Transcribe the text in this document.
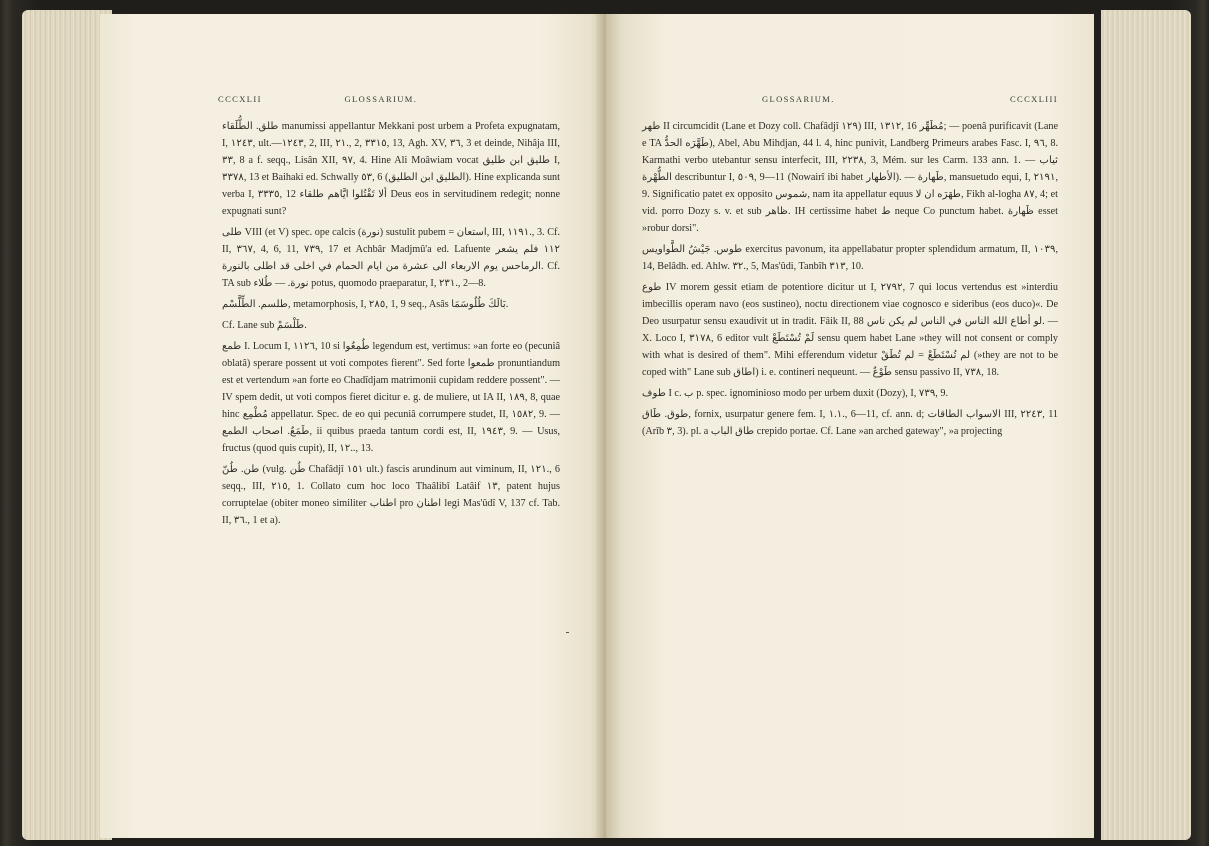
CCCXLII	GLOSSARIUM.

طلق. الطُّلَقاء manumissi appellantur Mekkani post urbem a Profeta expugnatam, I, ١٢٤٣, ult.—١٢٤٣, 2, III, ٢١., 2, ٣٣١٥, 13, Agh. XV, ٣٦, 3 et deinde, Nihâja III, ٣٣, 8 a f. seqq., Lisân XII, ٩٧, 4. Hine Ali Moâwiam vocat طليق ابن طليق I, ٣٣٧٨, 13 et Baihaki ed. Schwally ٥٣, 6 (الطليق ابن الطليق). Hine explicanda sunt verba I, ٣٣٣٥, 12 ألا تَقْتُلوا ايَّاهم طلقاء Deus eos in servitudinem redegit; nonne expugnati sunt?

طلى VIII (et V) spec. ope calcis (نورة) sustulit pubem = استعان, III, ١١٩١., 3. Cf. II, ٣٦٧, 4, 6, 11, ٧٣٩, 17 et Achbâr Madjmû'a ed. Lafuente ١١٢ فلم يشعر الرماحس يوم الاربعاء الى عشرة من ايام الحمام في اخلى قد اطلى بالنورة. Cf. TA sub نورة. — طُلاء potus, quomodo praeparatur, I, ٢٣١., 2—8.

طلسم. الطِّلَّسْم, metamorphosis, I, ٢٨٥, 1, 9 seq., Asâs بَالَكَ طُلُوسَمَا.

Cf. Lane sub طَلْسَمْ.

طمع I. Locum I, ١١٢٦, 10 si طُمِعُوا legendum est, vertimus: »an forte eo (pecuniâ oblatâ) sperare possent ut voti compotes fierent". Sed forte طمعوا pronuntiandum est et vertendum »an forte eo Chadîdjam matrimonii cupidam reddere possent". — IV spem dedit, ut voti compos fieret dicitur e. g. de muliere, ut IA II, ١٨٩, 8, quae hinc مُطْمِع appellatur. Spec. de eo qui pecuniâ corrumpere studet, II, ١٥٨٢, 9. — طَمَعٌ. اصحاب الطمع, ii quibus praeda tantum cordi est, II, ١٩٤٣, 9. — Usus, fructus (quod quis cupit), II, ١٢.., 13.

طن. طُنّ (vulg. طُن Chafâdjî ١٥١ ult.) fascis arundinum aut viminum, II, ١٢١., 6 seqq., III, ٢١٥, 1. Collato cum hoc loco Thaâlibî Latâif ١٣, patent hujus corruptelae (obiter moneo similiter اطناب pro اطنان legi Mas'ûdî V, 137 cf. Tab. II, ٣٦., 1 et a).

GLOSSARIUM.	CCCXLIII

طهر II circumcidit (Lane et Dozy coll. Chafâdjî ١٢٩) III, ١٣١٢, 16 مُطَهِّر; — poenâ purificavit (Lane e TA طَهَّرَه الحدُّ), Abel, Abu Mihdjan, 44 l. 4, hinc punivit, Landberg Primeurs arabes Fasc. I, ٩٦, 8. Karmathi verbo utebantur sensu interfecit, III, ٢٢٣٨, 3, Mém. sur les Carm. 133 ann. 1. — ثياب الطُّهْرة describuntur I, ٥٠٩, 9—11 (Nowairî ibi habet الأطهار). — طَهارة, mansuetudo equi, I, ٢١٩١, 9. Significatio patet ex opposito شموس, nam ita appellatur equus طهَرَه ان لا, Fikh al-logha ٨٧, 4; et vid. porro Dozy s. v. et sub ظاهر. IH certissime habet ط neque Co punctum habet. ظَهارة esset »robur dorsi".

طوس. جَيْشُ الطَّواويس exercitus pavonum, ita appellabatur propter splendidum armatum, II, ١٠٣٩, 14, Belâdh. ed. Ahlw. ٣٢., 5, Mas'ûdi, Tanbîh ٣١٣, 10.

طوع IV morem gessit etiam de potentiore dicitur ut I, ٢٧٩٢, 7 qui locus vertendus est »interdiu imbecillis operam navo (eos sustineo), noctu directionem viae cognosco e sideribus (eos duco)«. De Deo usurpatur sensu exaudivit ut in tradit. Fâik II, 88 لو أطاع الله الناس في الناس لم يكن ناس. — X. Loco I, ٣١٧٨, 6 editor vult لَمْ تُسْتَطَعْ sensu quem habet Lane »they will not consent or comply with what is desired of them". Mihi efferendum videtur لم تُسْتَطَعْ = لم تُطَقْ (»they are not to be coped with" Lane sub اطاق) i. e. contineri nequeunt. — طَوْعٌ sensu passivo II, ٧٣٨, 18.

طوف I c. ب p. spec. ignominioso modo per urbem duxit (Dozy), I, ٧٣٩, 9.

طوق. طَاق, fornix, usurpatur genere fem. I, ١.١., 6—11, cf. ann. d; الاسواب الطاقات III, ٢٢٤٣, 11 (Arîb ٣, 3). pl. a طاق الباب crepido portae. Cf. Lane »an arched gateway", »a projecting
